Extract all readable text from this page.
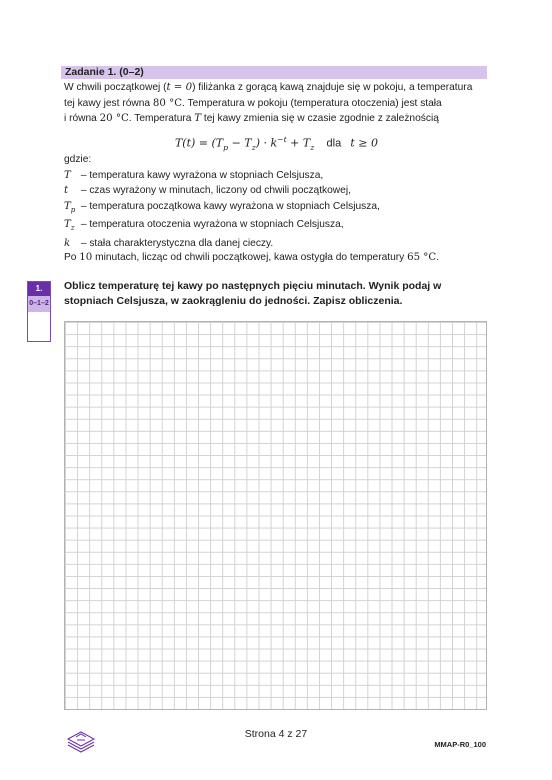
Zadanie 1. (0–2)
W chwili początkowej (t = 0) filiżanka z gorącą kawą znajduje się w pokoju, a temperatura
tej kawy jest równa 80 °C. Temperatura w pokoju (temperatura otoczenia) jest stała
i równa 20 °C. Temperatura T tej kawy zmienia się w czasie zgodnie z zależnością
$T(t) = (T_p - T_z) \cdot k^{-t} + T_z$ dla t ≥ 0
gdzie:
T – temperatura kawy wyrażona w stopniach Celsjusza,
t – czas wyrażony w minutach, liczony od chwili początkowej,
$T_p$ – temperatura początkowa kawy wyrażona w stopniach Celsjusza,
$T_z$ – temperatura otoczenia wyrażona w stopniach Celsjusza,
k – stała charakterystyczna dla danej cieczy.
Po 10 minutach, licząc od chwili początkowej, kawa ostygła do temperatury 65 °C.
1.
0–1–2
Oblicz temperaturę tej kawy po następnych pięciu minutach. Wynik podaj w stopniach Celsjusza, w zaokrągleniu do jedności. Zapisz obliczenia.
Strona 4 z 27
MMAP-R0_100
